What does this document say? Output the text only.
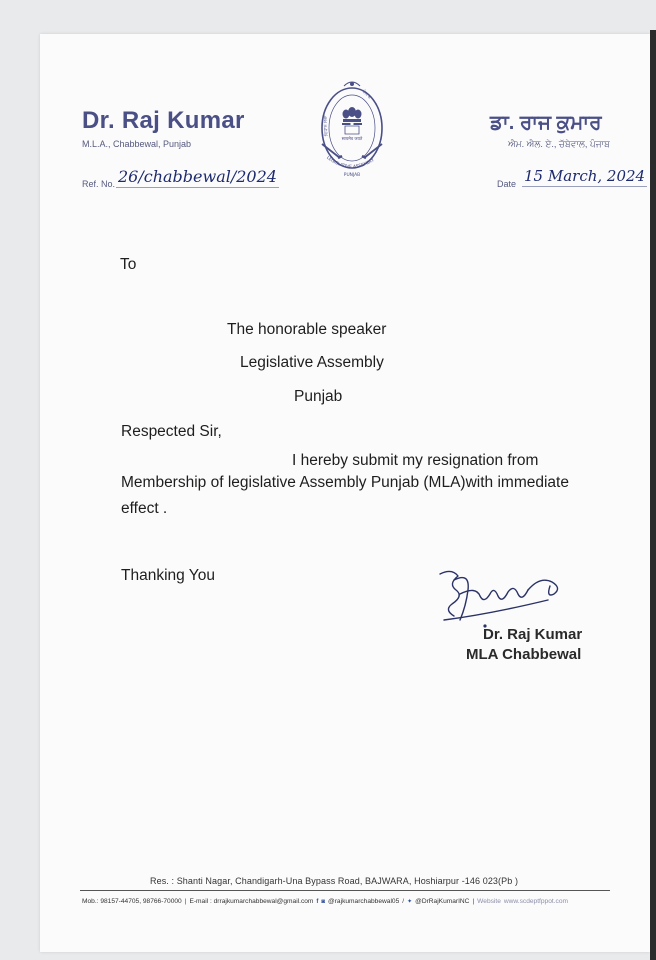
Dr. Raj Kumar
M.L.A., Chabbewal, Punjab
Ref. No. 26/chabbewal/2024
सत्यमेव जयते
ਵਿਧਾਨ ਸਭਾ
ਪੰਜਾਬ
LEGISLATIVE ASSEMBLY
PUNJAB
ਡਾ. ਰਾਜ ਕੁਮਾਰ
ਐਮ. ਐਲ. ਏ., ਚੱਬੇਵਾਲ, ਪੰਜਾਬ
Date 15 March, 2024
To
The honorable speaker
Legislative Assembly
Punjab
Respected Sir,
I hereby submit my resignation from
Membership of legislative Assembly Punjab (MLA)with immediate
effect .
Thanking You
Dr. Raj Kumar
MLA Chabbewal
Res. : Shanti Nagar, Chandigarh-Una Bypass Road, BAJWARA, Hoshiarpur -146 023(Pb )
Mob.: 98157-44705, 98766-70000 | E-mail : drrajkumarchabbewal@gmail.com f ◙ @rajkumarchabbewal05 / ✦ @DrRajKumarINC | Website www.scdeptfppot.com
